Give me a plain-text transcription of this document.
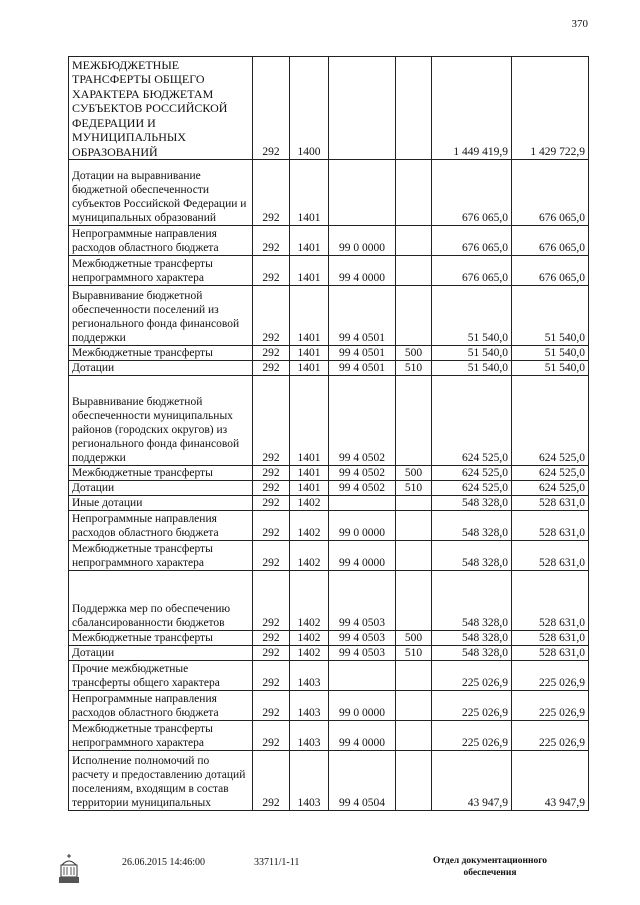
370
МЕЖБЮДЖЕТНЫЕ ТРАНСФЕРТЫ ОБЩЕГО ХАРАКТЕРА БЮДЖЕТАМ СУБЪЕКТОВ РОССИЙСКОЙ ФЕДЕРАЦИИ И МУНИЦИПАЛЬНЫХ ОБРАЗОВАНИЙ	292	1400			1 449 419,9	1 429 722,9
Дотации на выравнивание бюджетной обеспеченности субъектов Российской Федерации и муниципальных образований	292	1401			676 065,0	676 065,0
Непрограммные направления расходов областного бюджета	292	1401	99 0 0000		676 065,0	676 065,0
Межбюджетные трансферты непрограммного характера	292	1401	99 4 0000		676 065,0	676 065,0
Выравнивание бюджетной обеспеченности поселений из регионального фонда финансовой поддержки	292	1401	99 4 0501		51 540,0	51 540,0
Межбюджетные трансферты	292	1401	99 4 0501	500	51 540,0	51 540,0
Дотации	292	1401	99 4 0501	510	51 540,0	51 540,0
Выравнивание бюджетной обеспеченности муниципальных районов (городских округов) из регионального фонда финансовой поддержки	292	1401	99 4 0502		624 525,0	624 525,0
Межбюджетные трансферты	292	1401	99 4 0502	500	624 525,0	624 525,0
Дотации	292	1401	99 4 0502	510	624 525,0	624 525,0
Иные дотации	292	1402			548 328,0	528 631,0
Непрограммные направления расходов областного бюджета	292	1402	99 0 0000		548 328,0	528 631,0
Межбюджетные трансферты непрограммного характера	292	1402	99 4 0000		548 328,0	528 631,0
Поддержка мер по обеспечению сбалансированности бюджетов	292	1402	99 4 0503		548 328,0	528 631,0
Межбюджетные трансферты	292	1402	99 4 0503	500	548 328,0	528 631,0
Дотации	292	1402	99 4 0503	510	548 328,0	528 631,0
Прочие межбюджетные трансферты общего характера	292	1403			225 026,9	225 026,9
Непрограммные направления расходов областного бюджета	292	1403	99 0 0000		225 026,9	225 026,9
Межбюджетные трансферты непрограммного характера	292	1403	99 4 0000		225 026,9	225 026,9
Исполнение полномочий по расчету и предоставлению дотаций поселениям, входящим в состав территории муниципальных	292	1403	99 4 0504		43 947,9	43 947,9
26.06.2015 14:46:00	33711/1-11	Отдел документационного обеспечения
